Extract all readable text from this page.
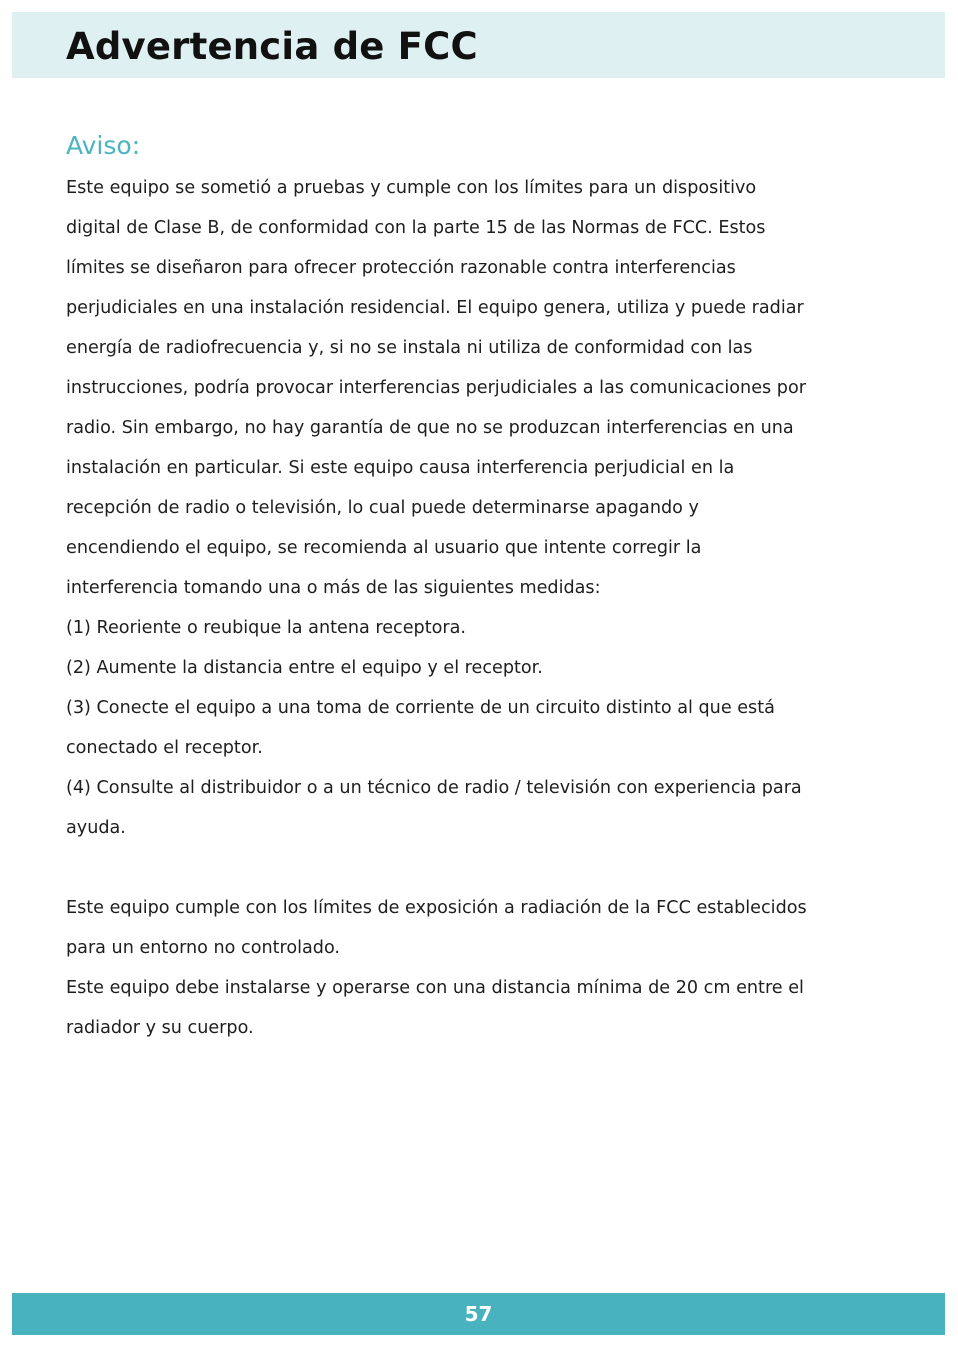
Advertencia de FCC
Aviso:

Este equipo se sometió a pruebas y cumple con los límites para un dispositivo
digital de Clase B, de conformidad con la parte 15 de las Normas de FCC. Estos
límites se diseñaron para ofrecer protección razonable contra interferencias
perjudiciales en una instalación residencial. El equipo genera, utiliza y puede radiar
energía de radiofrecuencia y, si no se instala ni utiliza de conformidad con las
instrucciones, podría provocar interferencias perjudiciales a las comunicaciones por
radio. Sin embargo, no hay garantía de que no se produzcan interferencias en una
instalación en particular. Si este equipo causa interferencia perjudicial en la
recepción de radio o televisión, lo cual puede determinarse apagando y
encendiendo el equipo, se recomienda al usuario que intente corregir la
interferencia tomando una o más de las siguientes medidas:

(1) Reoriente o reubique la antena receptora.

(2) Aumente la distancia entre el equipo y el receptor.

(3) Conecte el equipo a una toma de corriente de un circuito distinto al que está
conectado el receptor.

(4) Consulte al distribuidor o a un técnico de radio / televisión con experiencia para
ayuda.

Este equipo cumple con los límites de exposición a radiación de la FCC establecidos
para un entorno no controlado.

Este equipo debe instalarse y operarse con una distancia mínima de 20 cm entre el
radiador y su cuerpo.

57
